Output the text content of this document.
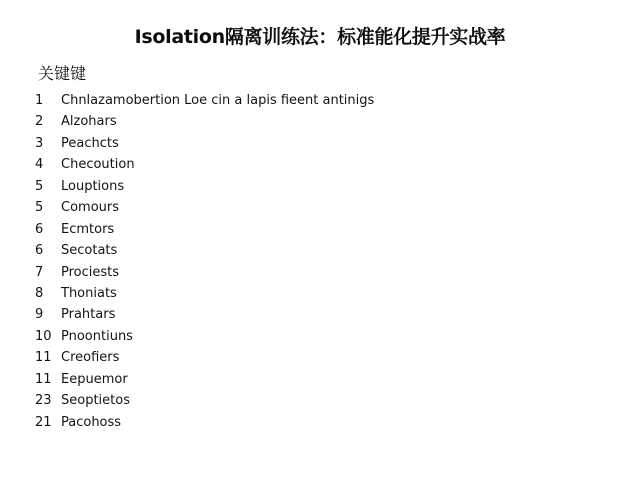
Isolation隔离训练法：标准能化提升实战率
关键键
1 Chnlazamobertion Loe cin a lapis fieent antinigs
2 Alzohars
3 Peachcts
4 Checoution
5 Louptions
5 Comours
6 Ecmtors
6 Secotats
7 Prociests
8 Thoniats
9 Prahtars
10 Pnoontiuns
11 Creofiers
11 Eepuemor
23 Seoptietos
21 Pacohoss
